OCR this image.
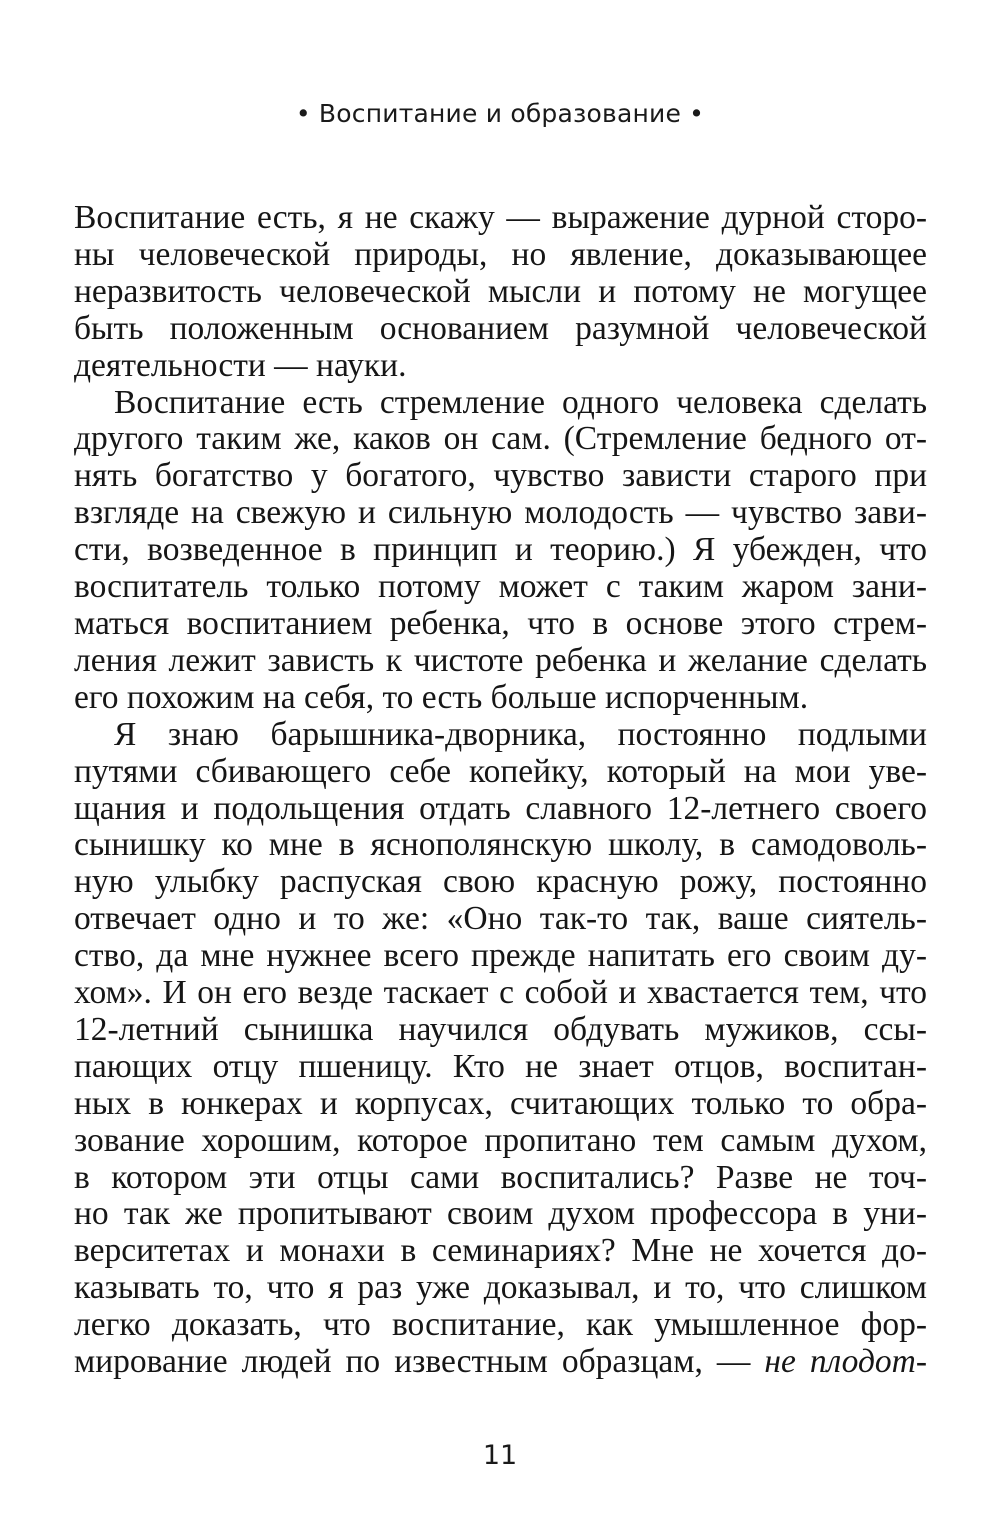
• Воспитание и образование •

Воспитание есть, я не скажу — выражение дурной сторо-
ны человеческой природы, но явление, доказывающее
неразвитость человеческой мысли и потому не могущее
быть положенным основанием разумной человеческой
деятельности — науки.

Воспитание есть стремление одного человека сделать
другого таким же, каков он сам. (Стремление бедного от-
нять богатство у богатого, чувство зависти старого при
взгляде на свежую и сильную молодость — чувство зави-
сти, возведенное в принцип и теорию.) Я убежден, что
воспитатель только потому может с таким жаром зани-
маться воспитанием ребенка, что в основе этого стрем-
ления лежит зависть к чистоте ребенка и желание сделать
его похожим на себя, то есть больше испорченным.

Я знаю барышника-дворника, постоянно подлыми
путями сбивающего себе копейку, который на мои уве-
щания и подольщения отдать славного 12-летнего своего
сынишку ко мне в яснополянскую школу, в самодоволь-
ную улыбку распуская свою красную рожу, постоянно
отвечает одно и то же: «Оно так-то так, ваше сиятель-
ство, да мне нужнее всего прежде напитать его своим ду-
хом». И он его везде таскает с собой и хвастается тем, что
12-летний сынишка научился обдувать мужиков, ссы-
пающих отцу пшеницу. Кто не знает отцов, воспитан-
ных в юнкерах и корпусах, считающих только то обра-
зование хорошим, которое пропитано тем самым духом,
в котором эти отцы сами воспитались? Разве не точ-
но так же пропитывают своим духом профессора в уни-
верситетах и монахи в семинариях? Мне не хочется до-
казывать то, что я раз уже доказывал, и то, что слишком
легко доказать, что воспитание, как умышленное фор-
мирование людей по известным образцам, — не плодот-

11
